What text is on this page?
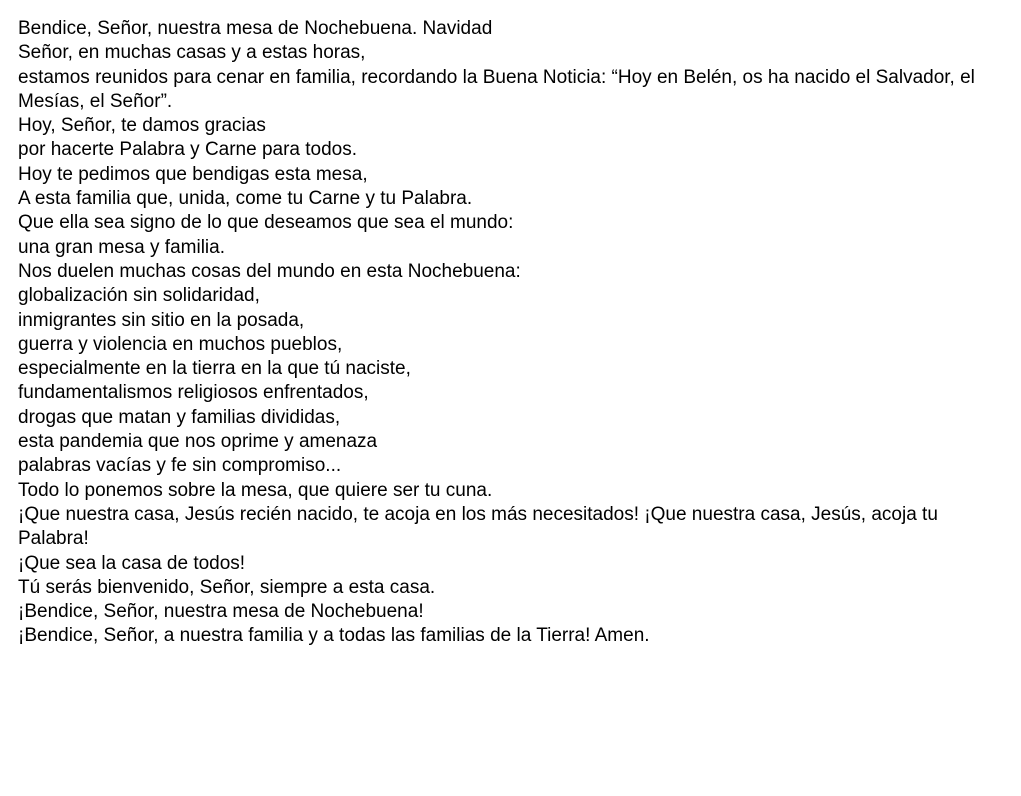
Bendice, Señor, nuestra mesa de Nochebuena. Navidad
Señor, en muchas casas y a estas horas,
estamos reunidos para cenar en familia, recordando la Buena Noticia: “Hoy en Belén, os ha nacido el Salvador, el Mesías, el Señor”.
Hoy, Señor, te damos gracias
por hacerte Palabra y Carne para todos.
Hoy te pedimos que bendigas esta mesa,
A esta familia que, unida, come tu Carne y tu Palabra.
Que ella sea signo de lo que deseamos que sea el mundo:
una gran mesa y familia.
Nos duelen muchas cosas del mundo en esta Nochebuena:
globalización sin solidaridad,
inmigrantes sin sitio en la posada,
guerra y violencia en muchos pueblos,
especialmente en la tierra en la que tú naciste,
fundamentalismos religiosos enfrentados,
drogas que matan y familias divididas,
esta pandemia que nos oprime y amenaza
palabras vacías y fe sin compromiso...
Todo lo ponemos sobre la mesa, que quiere ser tu cuna.
¡Que nuestra casa, Jesús recién nacido, te acoja en los más necesitados! ¡Que nuestra casa, Jesús, acoja tu Palabra!
¡Que sea la casa de todos!
Tú serás bienvenido, Señor, siempre a esta casa.
¡Bendice, Señor, nuestra mesa de Nochebuena!
¡Bendice, Señor, a nuestra familia y a todas las familias de la Tierra! Amen.
